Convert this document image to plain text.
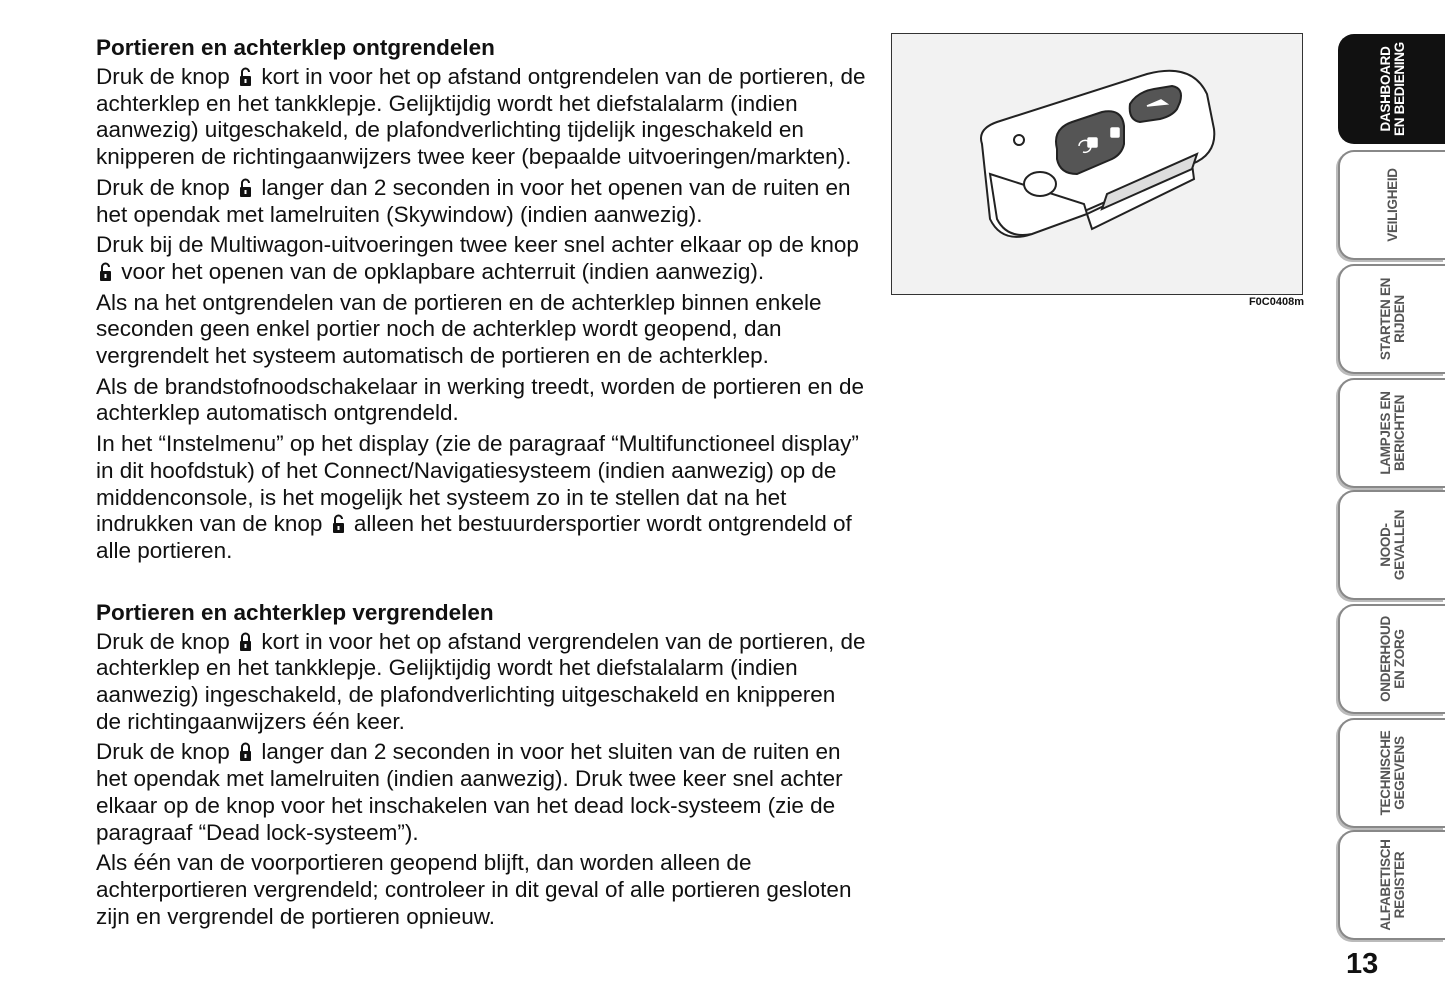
Portieren en achterklep ontgrendelen

Druk de knop  kort in voor het op afstand ontgrendelen van de portieren, de achterklep en het tankklepje. Gelijktijdig wordt het diefstalalarm (indien aanwezig) uitgeschakeld, de plafondverlichting tijdelijk ingeschakeld en knipperen de richtingaanwijzers twee keer (bepaalde uitvoeringen/markten).

Druk de knop  langer dan 2 seconden in voor het openen van de ruiten en het opendak met lamelruiten (Skywindow) (indien aanwezig).

Druk bij de Multiwagon-uitvoeringen twee keer snel achter elkaar op de knop  voor het openen van de opklapbare achterruit (indien aanwezig).

Als na het ontgrendelen van de portieren en de achterklep binnen enkele seconden geen enkel portier noch de achterklep wordt geopend, dan vergrendelt het systeem automatisch de portieren en de achterklep.

Als de brandstofnoodschakelaar in werking treedt, worden de portieren en de achterklep automatisch ontgrendeld.

In het “Instelmenu” op het display (zie de paragraaf “Multifunctioneel display” in dit hoofdstuk) of het Connect/Navigatiesysteem (indien aanwezig) op de middenconsole, is het mogelijk het systeem zo in te stellen dat na het indrukken van de knop  alleen het bestuurdersportier wordt ontgrendeld of alle portieren.

Portieren en achterklep vergrendelen

Druk de knop  kort in voor het op afstand vergrendelen van de portieren, de achterklep en het tankklepje. Gelijktijdig wordt het diefstalalarm (indien aanwezig) ingeschakeld, de plafondverlichting uitgeschakeld en knipperen de richtingaanwijzers één keer.

Druk de knop  langer dan 2 seconden in voor het sluiten van de ruiten en het opendak met lamelruiten (indien aanwezig). Druk twee keer snel achter elkaar op de knop voor het inschakelen van het dead lock-systeem (zie de paragraaf “Dead lock-systeem”).

Als één van de voorportieren geopend blijft, dan worden alleen de achterportieren vergrendeld; controleer in dit geval of alle portieren gesloten zijn en vergrendel de portieren opnieuw.

F0C0408m
DASHBOARD EN BEDIENING
VEILIGHEID
STARTEN EN RIJDEN
LAMPJES EN BERICHTEN
NOOD- GEVALLEN
ONDERHOUD EN ZORG
TECHNISCHE GEGEVENS
ALFABETISCH REGISTER
13
